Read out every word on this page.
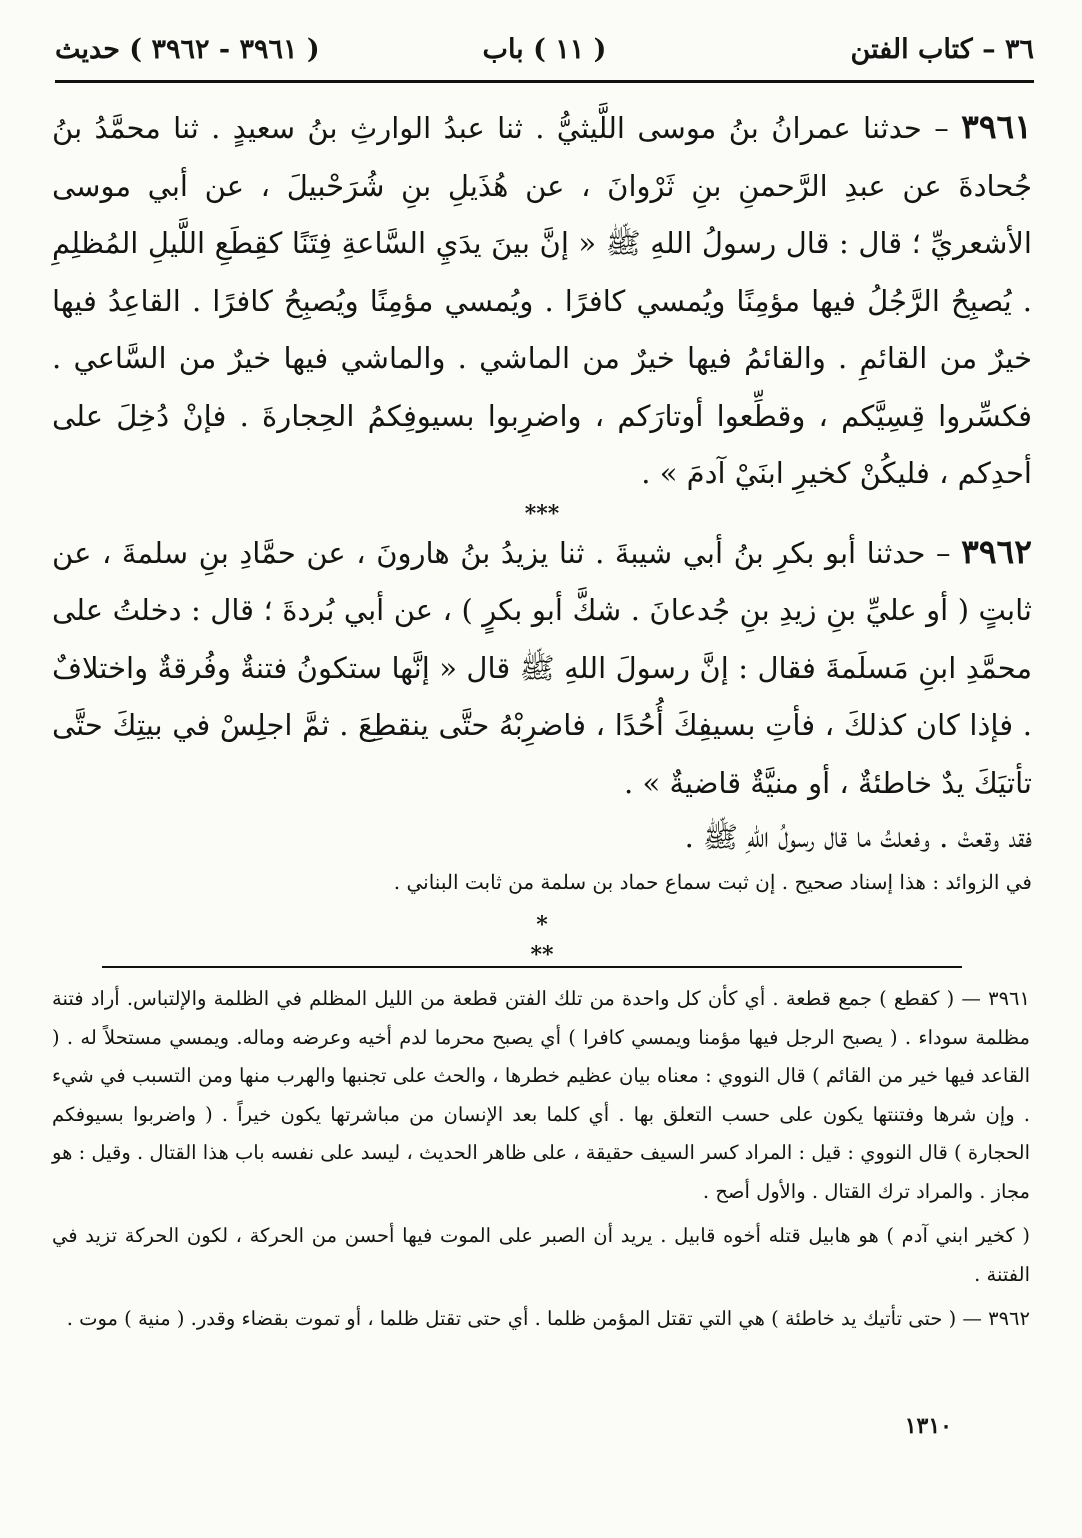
٣٦ – كتاب الفتن
( ١١ ) باب
( ٣٩٦١ - ٣٩٦٢ ) حديث

٣٩٦١ – حدثنا عمرانُ بنُ موسى اللَّيثيُّ . ثنا عبدُ الوارثِ بنُ سعيدٍ . ثنا محمَّدُ بنُ جُحادةَ عن عبدِ الرَّحمنِ بنِ ثَرْوانَ ، عن هُذَيلِ بنِ شُرَحْبيلَ ، عن أبي موسى الأشعريِّ ؛ قال : قال رسولُ اللهِ ﷺ « إنَّ بينَ يدَيِ السَّاعةِ فِتَنًا كقِطَعِ اللَّيلِ المُظلِمِ . يُصبِحُ الرَّجُلُ فيها مؤمِنًا ويُمسي كافرًا . ويُمسي مؤمِنًا ويُصبِحُ كافرًا . القاعِدُ فيها خيرٌ من القائمِ . والقائمُ فيها خيرٌ من الماشي . والماشي فيها خيرٌ من السَّاعي . فكسِّروا قِسِيَّكم ، وقطِّعوا أوتارَكم ، واضرِبوا بسيوفِكمُ الحِجارةَ . فإنْ دُخِلَ على أحدِكم ، فليكُنْ كخيرِ ابنَيْ آدمَ » .

***

٣٩٦٢ – حدثنا أبو بكرِ بنُ أبي شيبةَ . ثنا يزيدُ بنُ هارونَ ، عن حمَّادِ بنِ سلمةَ ، عن ثابتٍ ( أو عليِّ بنِ زيدِ بنِ جُدعانَ . شكَّ أبو بكرٍ ) ، عن أبي بُردةَ ؛ قال : دخلتُ على محمَّدِ ابنِ مَسلَمةَ فقال : إنَّ رسولَ اللهِ ﷺ قال « إنَّها ستكونُ فتنةٌ وفُرقةٌ واختلافٌ . فإذا كان كذلكَ ، فأتِ بسيفِكَ أُحُدًا ، فاضرِبْهُ حتَّى ينقطِعَ . ثمَّ اجلِسْ في بيتِكَ حتَّى تأتيَكَ يدٌ خاطئةٌ ، أو منيَّةٌ قاضيةٌ » .

فقد وقعتْ . وفعلتُ ما قال رسولُ اللهِ ﷺ .

في الزوائد : هذا إسناد صحيح . إن ثبت سماع حماد بن سلمة من ثابت البناني .

*
**

٣٩٦١ — ( كقطع ) جمع قطعة . أي كأن كل واحدة من تلك الفتن قطعة من الليل المظلم في الظلمة والإلتباس. أراد فتنة مظلمة سوداء . ( يصبح الرجل فيها مؤمنا ويمسي كافرا ) أي يصبح محرما لدم أخيه وعرضه وماله. ويمسي مستحلاً له . ( القاعد فيها خير من القائم ) قال النووي : معناه بيان عظيم خطرها ، والحث على تجنبها والهرب منها ومن التسبب في شيء . وإن شرها وفتنتها يكون على حسب التعلق بها . أي كلما بعد الإنسان من مباشرتها يكون خيراً . ( واضربوا بسيوفكم الحجارة ) قال النووي : قيل : المراد كسر السيف حقيقة ، على ظاهر الحديث ، ليسد على نفسه باب هذا القتال . وقيل : هو مجاز . والمراد ترك القتال . والأول أصح .

( كخير ابني آدم ) هو هابيل قتله أخوه قابيل . يريد أن الصبر على الموت فيها أحسن من الحركة ، لكون الحركة تزيد في الفتنة .

٣٩٦٢ — ( حتى تأتيك يد خاطئة ) هي التي تقتل المؤمن ظلما . أي حتى تقتل ظلما ، أو تموت بقضاء وقدر. ( منية ) موت .

١٣١٠
